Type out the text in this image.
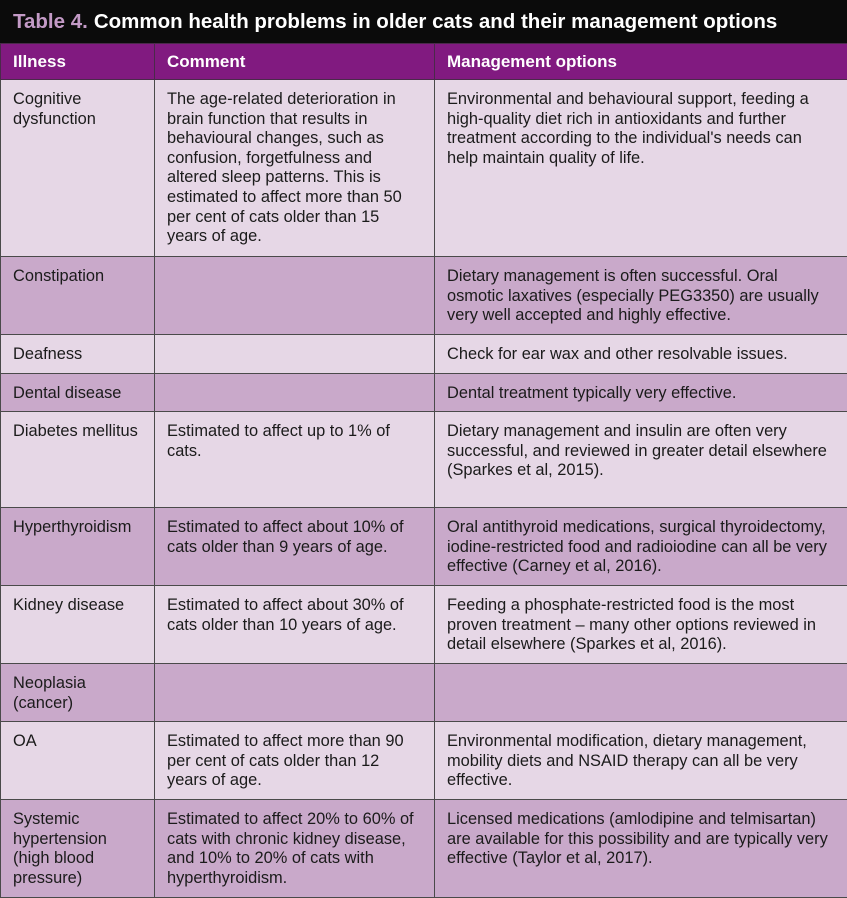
Table 4. Common health problems in older cats and their management options
Illness	Comment	Management options
Cognitive dysfunction	The age-related deterioration in brain function that results in behavioural changes, such as confusion, forgetfulness and altered sleep patterns. This is estimated to affect more than 50 per cent of cats older than 15 years of age.	Environmental and behavioural support, feeding a high-quality diet rich in antioxidants and further treatment according to the individual's needs can help maintain quality of life.
Constipation		Dietary management is often successful. Oral osmotic laxatives (especially PEG3350) are usually very well accepted and highly effective.
Deafness		Check for ear wax and other resolvable issues.
Dental disease		Dental treatment typically very effective.
Diabetes mellitus	Estimated to affect up to 1% of cats.	Dietary management and insulin are often very successful, and reviewed in greater detail elsewhere (Sparkes et al, 2015).
Hyperthyroidism	Estimated to affect about 10% of cats older than 9 years of age.	Oral antithyroid medications, surgical thyroidectomy, iodine-restricted food and radioiodine can all be very effective (Carney et al, 2016).
Kidney disease	Estimated to affect about 30% of cats older than 10 years of age.	Feeding a phosphate-restricted food is the most proven treatment – many other options reviewed in detail elsewhere (Sparkes et al, 2016).
Neoplasia (cancer)		
OA	Estimated to affect more than 90 per cent of cats older than 12 years of age.	Environmental modification, dietary management, mobility diets and NSAID therapy can all be very effective.
Systemic hypertension (high blood pressure)	Estimated to affect 20% to 60% of cats with chronic kidney disease, and 10% to 20% of cats with hyperthyroidism.	Licensed medications (amlodipine and telmisartan) are available for this possibility and are typically very effective (Taylor et al, 2017).
